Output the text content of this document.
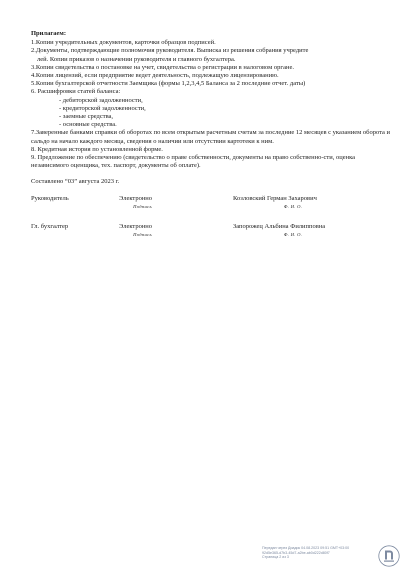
Прилагаем:

1.Копии учредительных документов, карточки образцов подписей.

2.Документы, подтверждающие полномочия руководителя. Выписка из решения собрания учредите

лей. Копии приказов о назначении руководителя и главного бухгалтера.

3.Копии свидетельства о постановке на учет, свидетельства о регистрации в налоговом органе.

4.Копии лицензий, если предприятие ведет деятельность, подлежащую лицензированию.

5.Копии бухгалтерской отчетности Заемщика (формы 1,2,3,4,5 Баланса за 2 последние отчет. даты)

6. Расшифровки статей баланса:

- дебиторской задолженности,

- кредиторской задолженности,

- заемные средства,

- основные средства.

7.Заверенные банками справки об оборотах по всем открытым расчетным счетам за последние 12 месяцев с указанием оборота и сальдо на начало каждого месяца, сведения о наличии или отсутствии картотеки к ним.

8. Кредитная история по установленной форме.

9. Предложение по обеспечению (свидетельство о праве собственности, документы на право собственно-сти, оценка независимого оценщика, тех. паспорт, документы об оплате).

Составлено “03” августа 2023 г.

Руководитель	Электронно
Подпись
Козловский Герман Захарович
Ф. И. О.
Гл. бухгалтер	Электронно
Подпись
Запорожец Альбина Филипповна
Ф. И. О.
Передан через Диадок 04.08.2023 09:51 GMT+03:00
92d5e365-d7b3-45d7-a2be-ab0d222d80f7
Страница 2 из 3
